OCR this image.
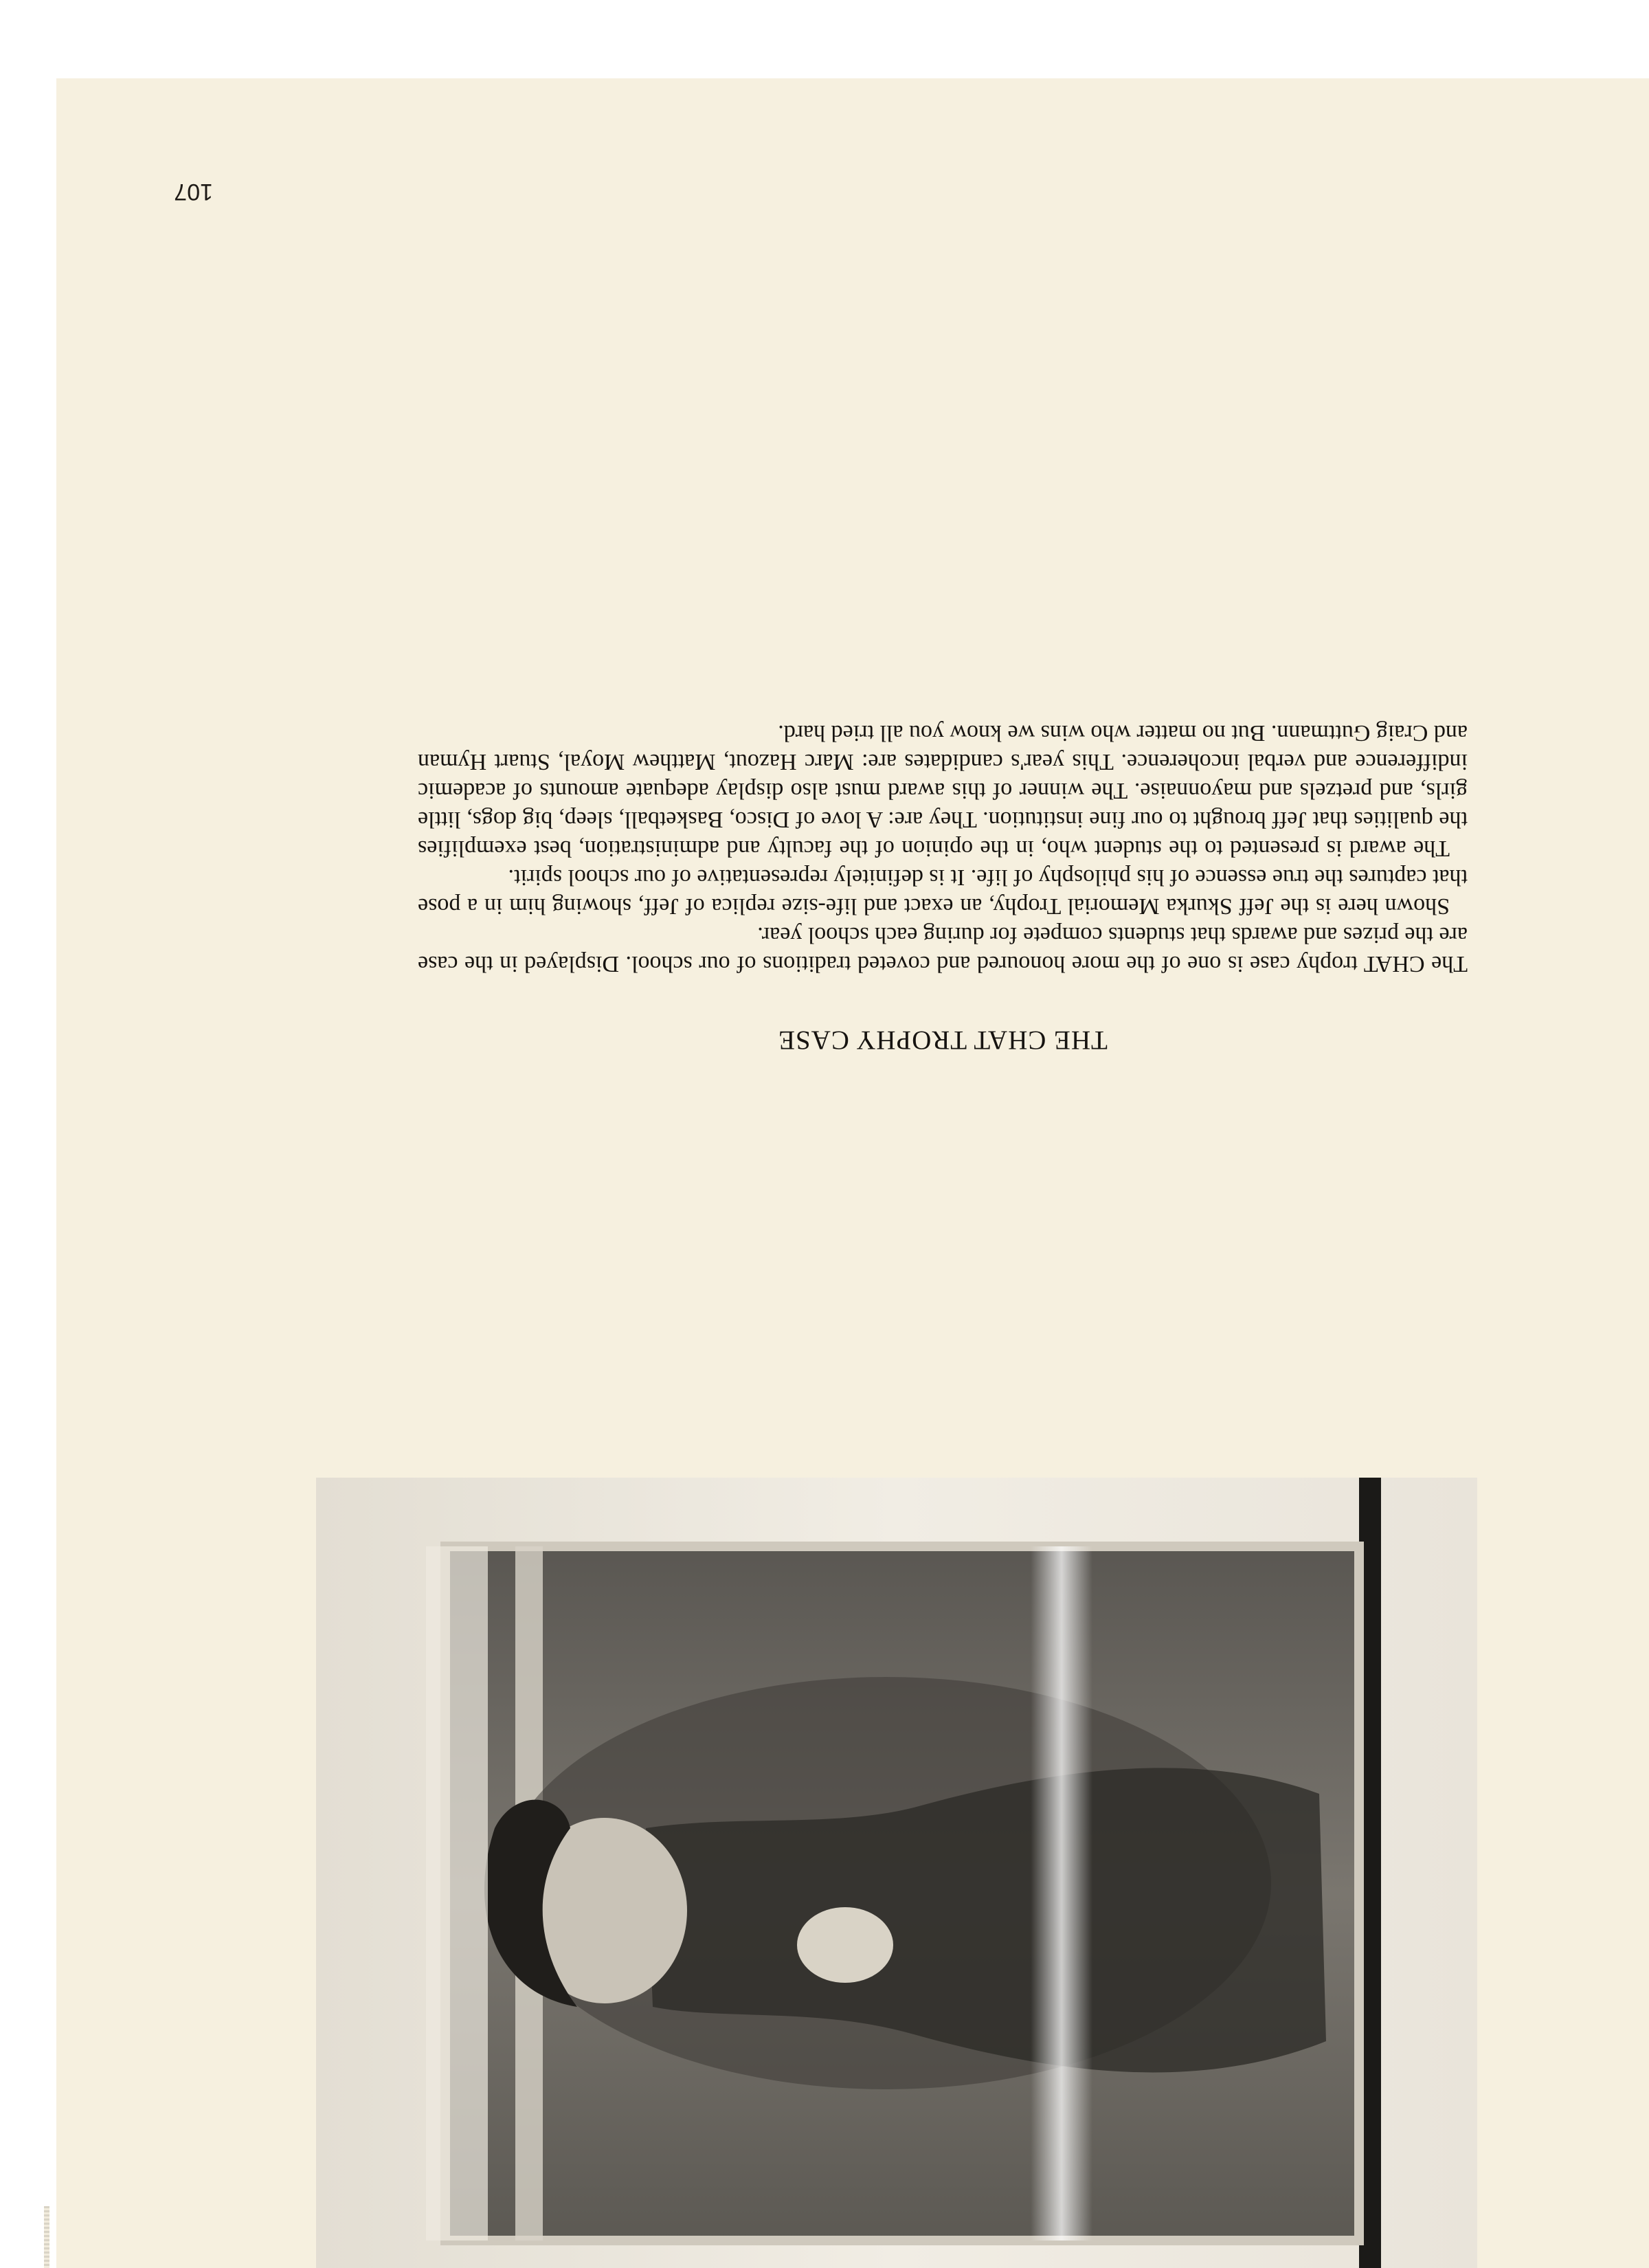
THE CHAT TROPHY CASE

The CHAT trophy case is one of the more honoured and coveted traditions of our school. Displayed in the case are the prizes and awards that students compete for during each school year.

Shown here is the Jeff Skurka Memorial Trophy, an exact and life-size replica of Jeff, showing him in a pose that captures the true essence of his philosphy of life. It is definitely representative of our school spirit.

The award is presented to the student who, in the opinion of the faculty and administration, best exemplifies the qualities that Jeff brought to our fine institution. They are: A love of Disco, Basketball, sleep, big dogs, little girls, and pretzels and mayonnaise. The winner of this award must also display adequate amounts of academic indifference and verbal incoherence. This year's candidates are: Marc Hazout, Matthew Moyal, Stuart Hyman and Craig Guttmann. But no matter who wins we know you all tried hard.

107
